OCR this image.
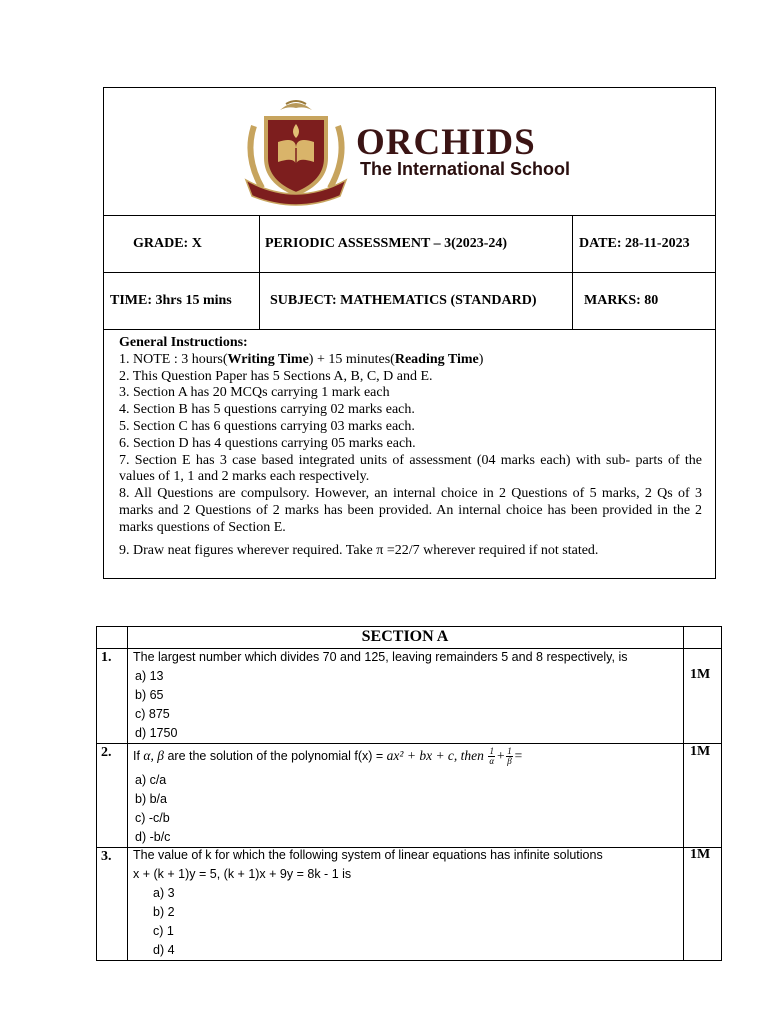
ORCHIDS
The International School
GRADE: X	PERIODIC ASSESSMENT – 3(2023-24)	DATE: 28-11-2023
TIME: 3hrs 15 mins	SUBJECT: MATHEMATICS (STANDARD)	MARKS: 80
General Instructions:
1. NOTE : 3 hours(Writing Time) + 15 minutes(Reading Time)
2. This Question Paper has 5 Sections A, B, C, D and E.
3. Section A has 20 MCQs carrying 1 mark each
4. Section B has 5 questions carrying 02 marks each.
5. Section C has 6 questions carrying 03 marks each.
6. Section D has 4 questions carrying 05 marks each.
7. Section E has 3 case based integrated units of assessment (04 marks each) with sub- parts of the values of 1, 1 and 2 marks each respectively.
8. All Questions are compulsory. However, an internal choice in 2 Questions of 5 marks, 2 Qs of 3 marks and 2 Questions of 2 marks has been provided. An internal choice has been provided in the 2 marks questions of Section E.
9. Draw neat figures wherever required. Take π =22/7 wherever required if not stated.
SECTION A
1.	The largest number which divides 70 and 125, leaving remainders 5 and 8 respectively, is
a) 13
b) 65
c) 875
d) 1750
1M
2.	If α, β are the solution of the polynomial f(x) = ax² + bx + c, then $\frac{1}{\alpha} + \frac{1}{\beta}$ =
a) c/a
b) b/a
c) -c/b
d) -b/c
1M
3.	The value of k for which the following system of linear equations has infinite solutions
x + (k + 1)y = 5, (k + 1)x + 9y = 8k - 1 is
a) 3
b) 2
c) 1
d) 4
1M
